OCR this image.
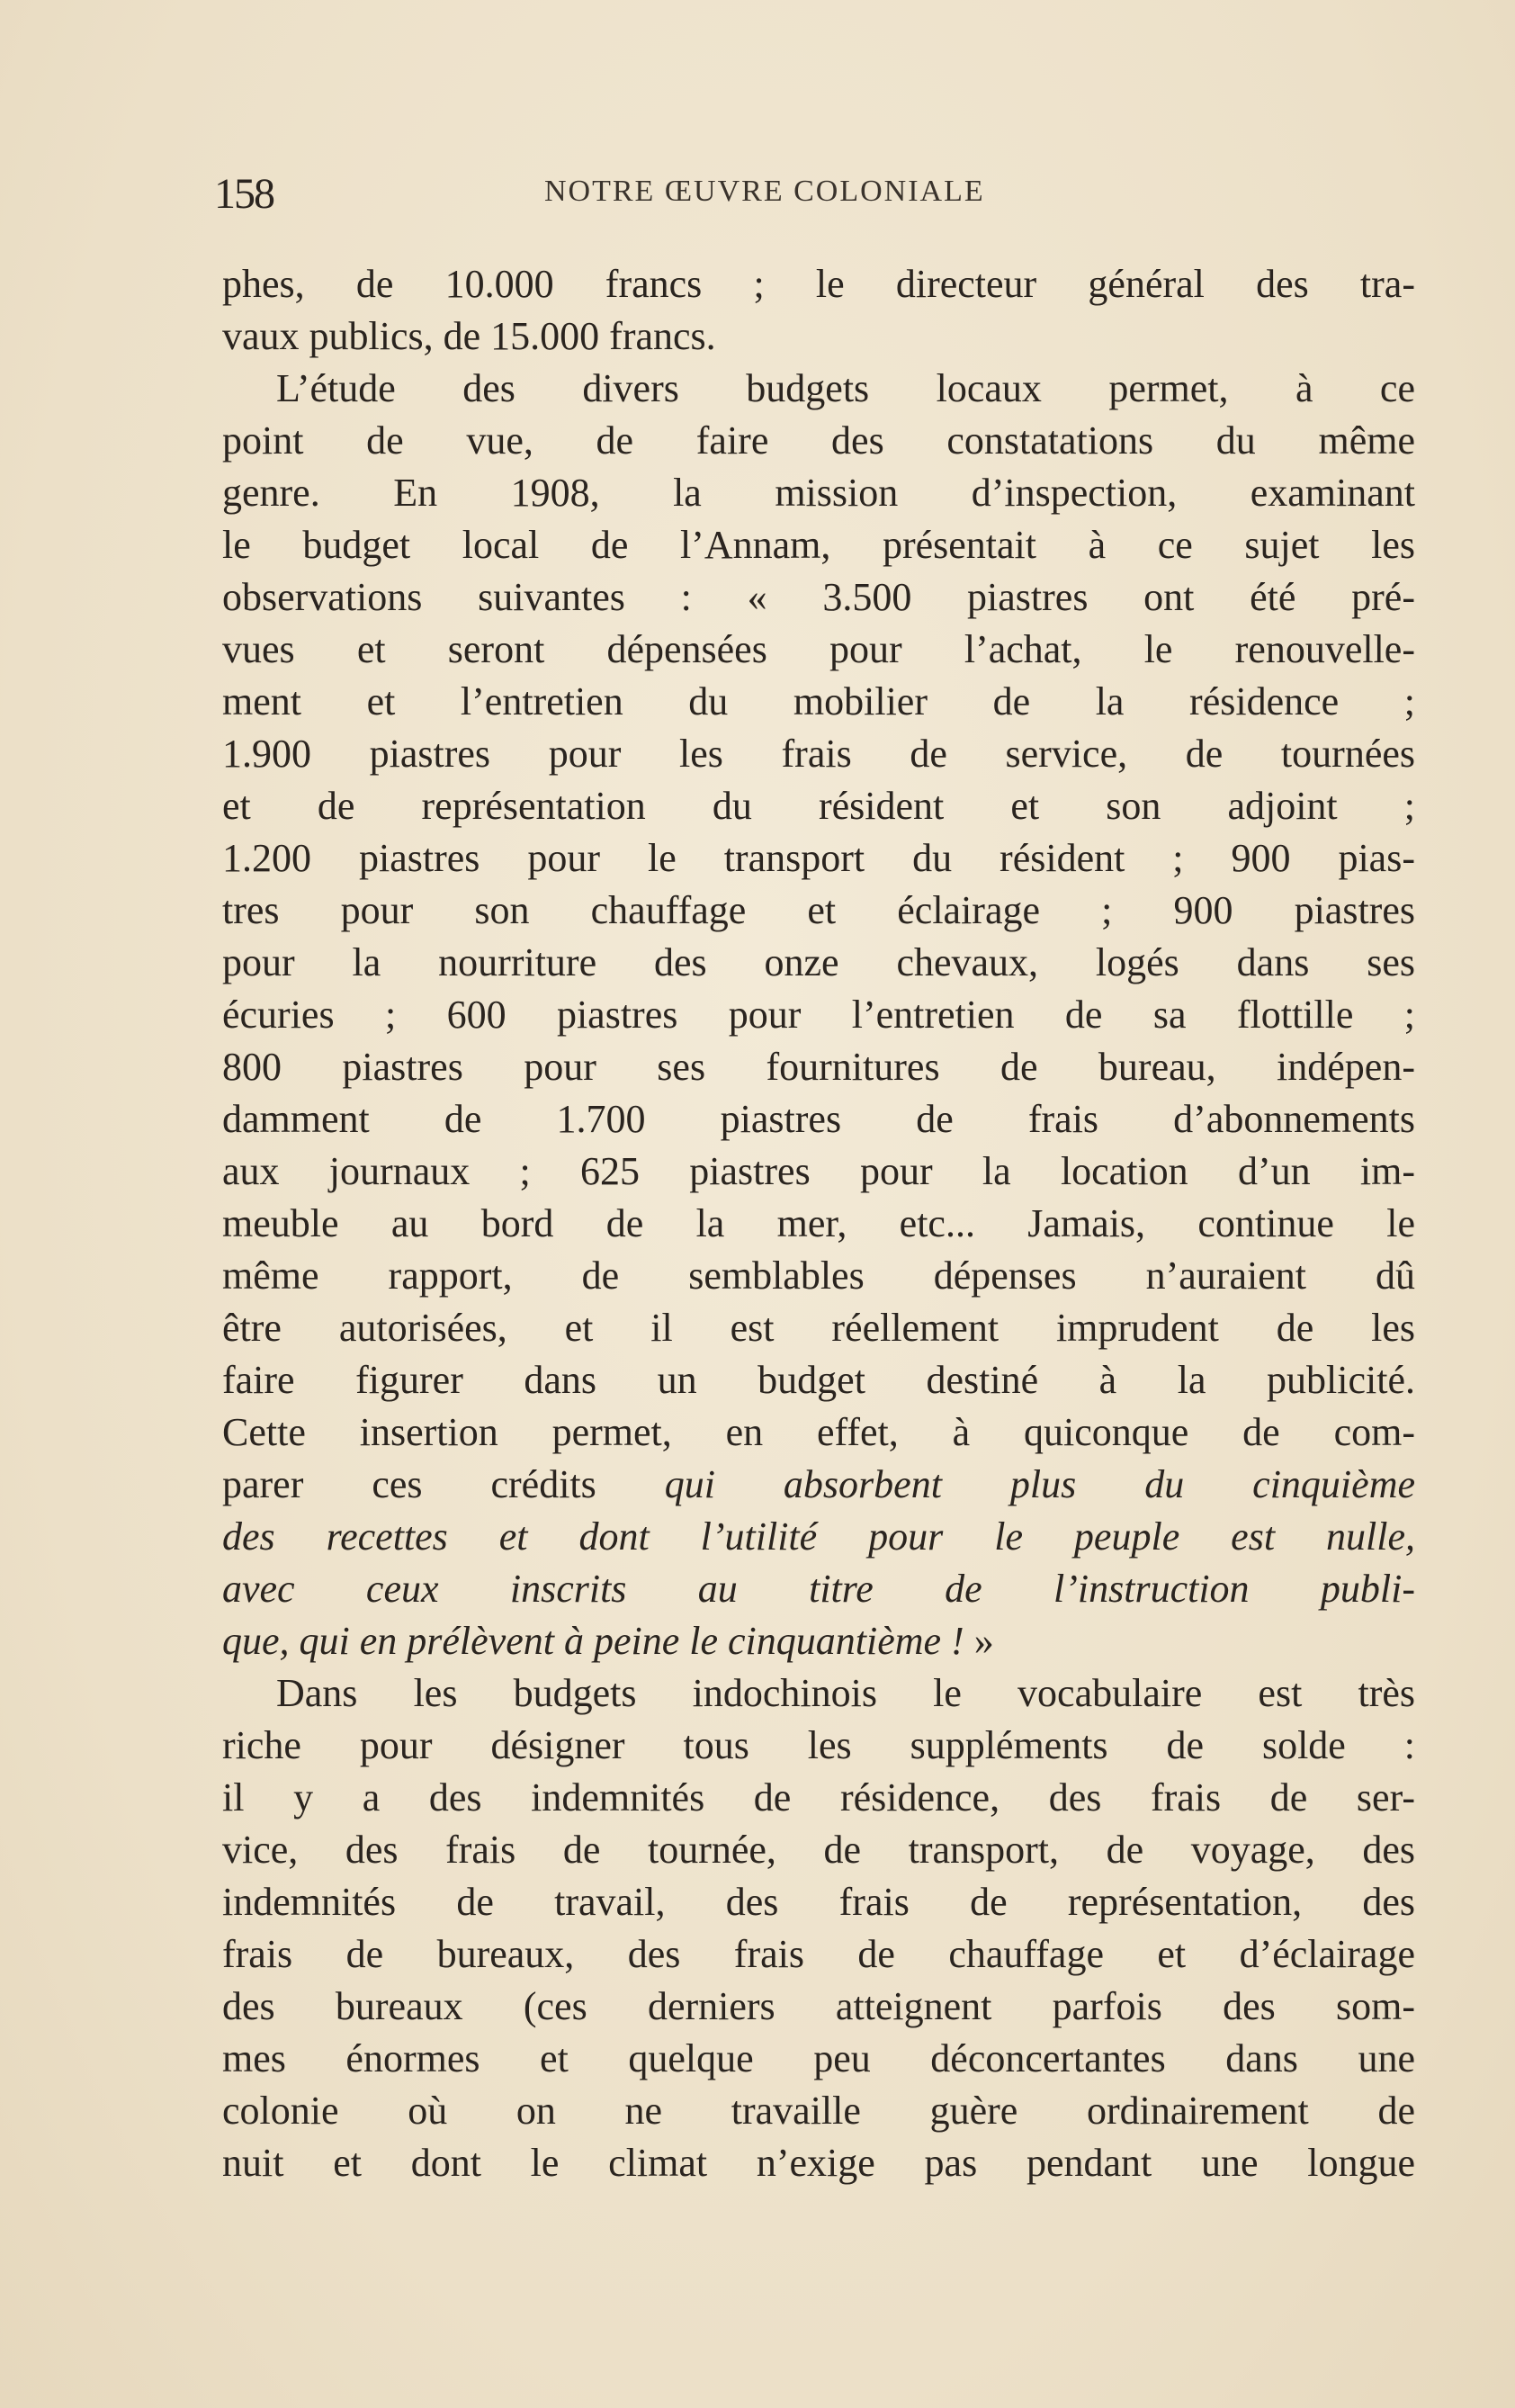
158	NOTRE ŒUVRE COLONIALE
phes, de 10.000 francs ; le directeur général des tra-
vaux publics, de 15.000 francs.
L’étude des divers budgets locaux permet, à ce
point de vue, de faire des constatations du même
genre. En 1908, la mission d’inspection, examinant
le budget local de l’Annam, présentait à ce sujet les
observations suivantes : « 3.500 piastres ont été pré-
vues et seront dépensées pour l’achat, le renouvelle-
ment et l’entretien du mobilier de la résidence ;
1.900 piastres pour les frais de service, de tournées
et de représentation du résident et son adjoint ;
1.200 piastres pour le transport du résident ; 900 pias-
tres pour son chauffage et éclairage ; 900 piastres
pour la nourriture des onze chevaux, logés dans ses
écuries ; 600 piastres pour l’entretien de sa flottille ;
800 piastres pour ses fournitures de bureau, indépen-
damment de 1.700 piastres de frais d’abonnements
aux journaux ; 625 piastres pour la location d’un im-
meuble au bord de la mer, etc... Jamais, continue le
même rapport, de semblables dépenses n’auraient dû
être autorisées, et il est réellement imprudent de les
faire figurer dans un budget destiné à la publicité.
Cette insertion permet, en effet, à quiconque de com-
parer ces crédits qui absorbent plus du cinquième
des recettes et dont l’utilité pour le peuple est nulle,
avec ceux inscrits au titre de l’instruction publi-
que, qui en prélèvent à peine le cinquantième ! »
Dans les budgets indochinois le vocabulaire est très
riche pour désigner tous les suppléments de solde :
il y a des indemnités de résidence, des frais de ser-
vice, des frais de tournée, de transport, de voyage, des
indemnités de travail, des frais de représentation, des
frais de bureaux, des frais de chauffage et d’éclairage
des bureaux (ces derniers atteignent parfois des som-
mes énormes et quelque peu déconcertantes dans une
colonie où on ne travaille guère ordinairement de
nuit et dont le climat n’exige pas pendant une longue
